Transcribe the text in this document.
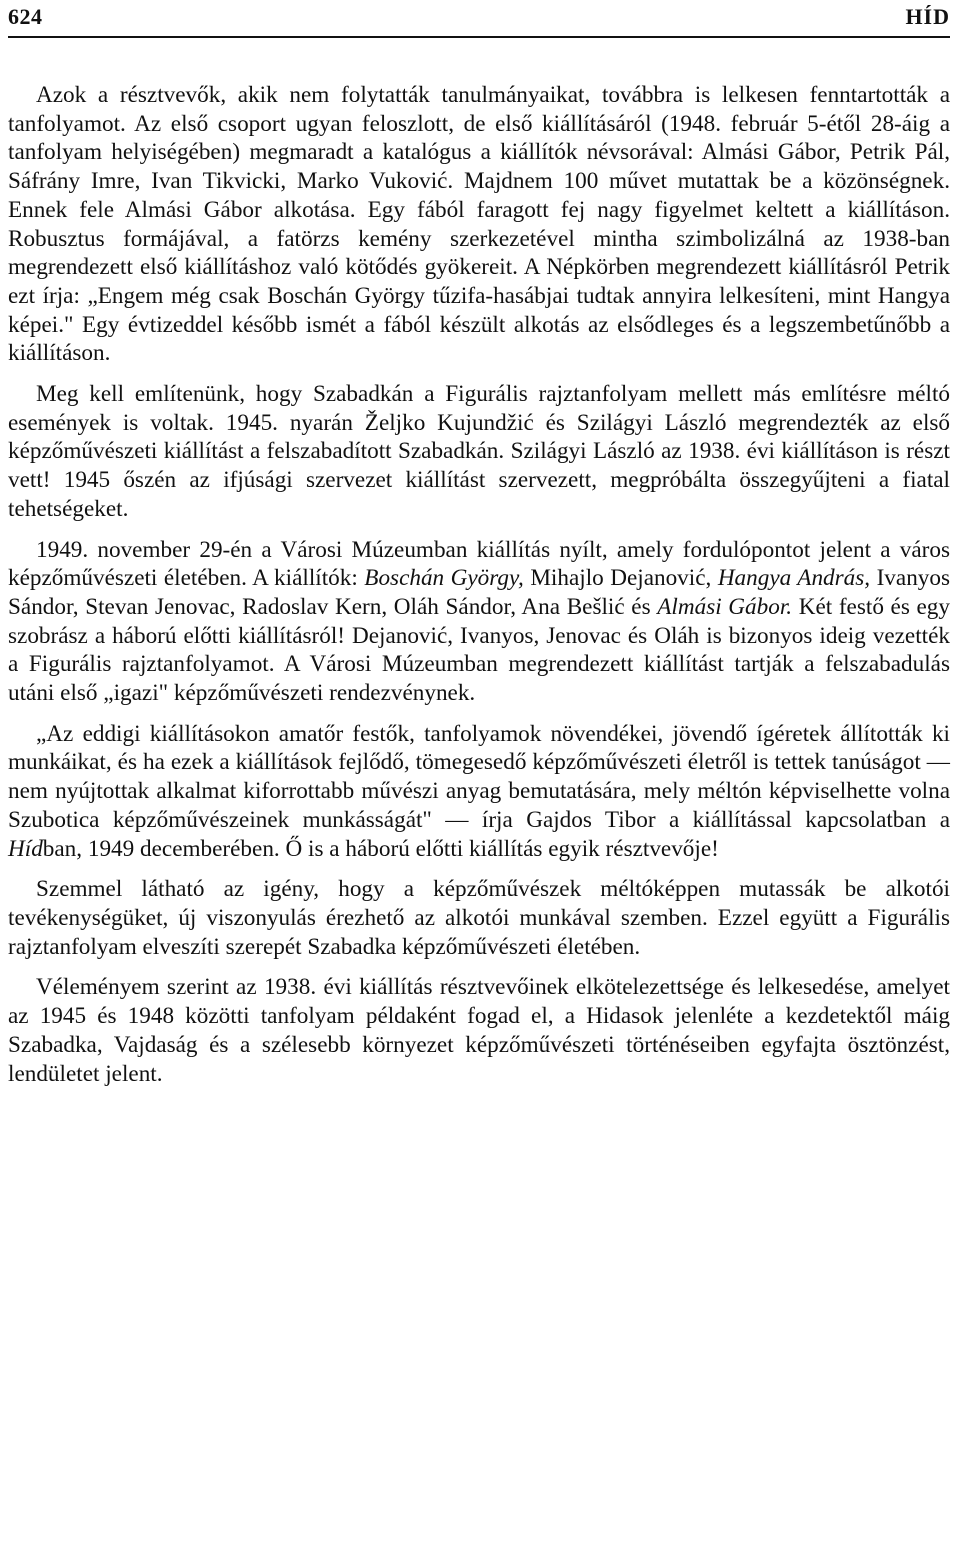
624	HÍD

Azok a résztvevők, akik nem folytatták tanulmányaikat, továbbra is lelkesen fenntartották a tanfolyamot. Az első csoport ugyan feloszlott, de első kiállításáról (1948. február 5-étől 28-áig a tanfolyam helyiségében) megmaradt a katalógus a kiállítók névsorával: Almási Gábor, Petrik Pál, Sáfrány Imre, Ivan Tikvicki, Marko Vuković. Majdnem 100 művet mutattak be a közönségnek. Ennek fele Almási Gábor alkotása. Egy fából faragott fej nagy figyelmet keltett a kiállításon. Robusztus formájával, a fatörzs kemény szerkezetével mintha szimbolizálná az 1938-ban megrendezett első kiállításhoz való kötődés gyökereit. A Népkörben megrendezett kiállításról Petrik ezt írja: „Engem még csak Boschán György tűzifa-hasábjai tudtak annyira lelkesíteni, mint Hangya képei." Egy évtizeddel később ismét a fából készült alkotás az elsődleges és a legszembetűnőbb a kiállításon.

Meg kell említenünk, hogy Szabadkán a Figurális rajztanfolyam mellett más említésre méltó események is voltak. 1945. nyarán Željko Kujundžić és Szilágyi László megrendezték az első képzőművészeti kiállítást a felszabadított Szabadkán. Szilágyi László az 1938. évi kiállításon is részt vett! 1945 őszén az ifjúsági szervezet kiállítást szervezett, megpróbálta összegyűjteni a fiatal tehetségeket.

1949. november 29-én a Városi Múzeumban kiállítás nyílt, amely fordulópontot jelent a város képzőművészeti életében. A kiállítók: Boschán György, Mihajlo Dejanović, Hangya András, Ivanyos Sándor, Stevan Jenovac, Radoslav Kern, Oláh Sándor, Ana Bešlić és Almási Gábor. Két festő és egy szobrász a háború előtti kiállításról! Dejanović, Ivanyos, Jenovac és Oláh is bizonyos ideig vezették a Figurális rajztanfolyamot. A Városi Múzeumban megrendezett kiállítást tartják a felszabadulás utáni első „igazi" képzőművészeti rendezvénynek.

„Az eddigi kiállításokon amatőr festők, tanfolyamok növendékei, jövendő ígéretek állították ki munkáikat, és ha ezek a kiállítások fejlődő, tömegesedő képzőművészeti életről is tettek tanúságot — nem nyújtottak alkalmat kiforrottabb művészi anyag bemutatására, mely méltón képviselhette volna Szubotica képzőművészeinek munkásságát" — írja Gajdos Tibor a kiállítással kapcsolatban a Hídban, 1949 decemberében. Ő is a háború előtti kiállítás egyik résztvevője!

Szemmel látható az igény, hogy a képzőművészek méltóképpen mutassák be alkotói tevékenységüket, új viszonyulás érezhető az alkotói munkával szemben. Ezzel együtt a Figurális rajztanfolyam elveszíti szerepét Szabadka képzőművészeti életében.

Véleményem szerint az 1938. évi kiállítás résztvevőinek elkötelezettsége és lelkesedése, amelyet az 1945 és 1948 közötti tanfolyam példaként fogad el, a Hidasok jelenléte a kezdetektől máig Szabadka, Vajdaság és a szélesebb környezet képzőművészeti történéseiben egyfajta ösztönzést, lendületet jelent.
